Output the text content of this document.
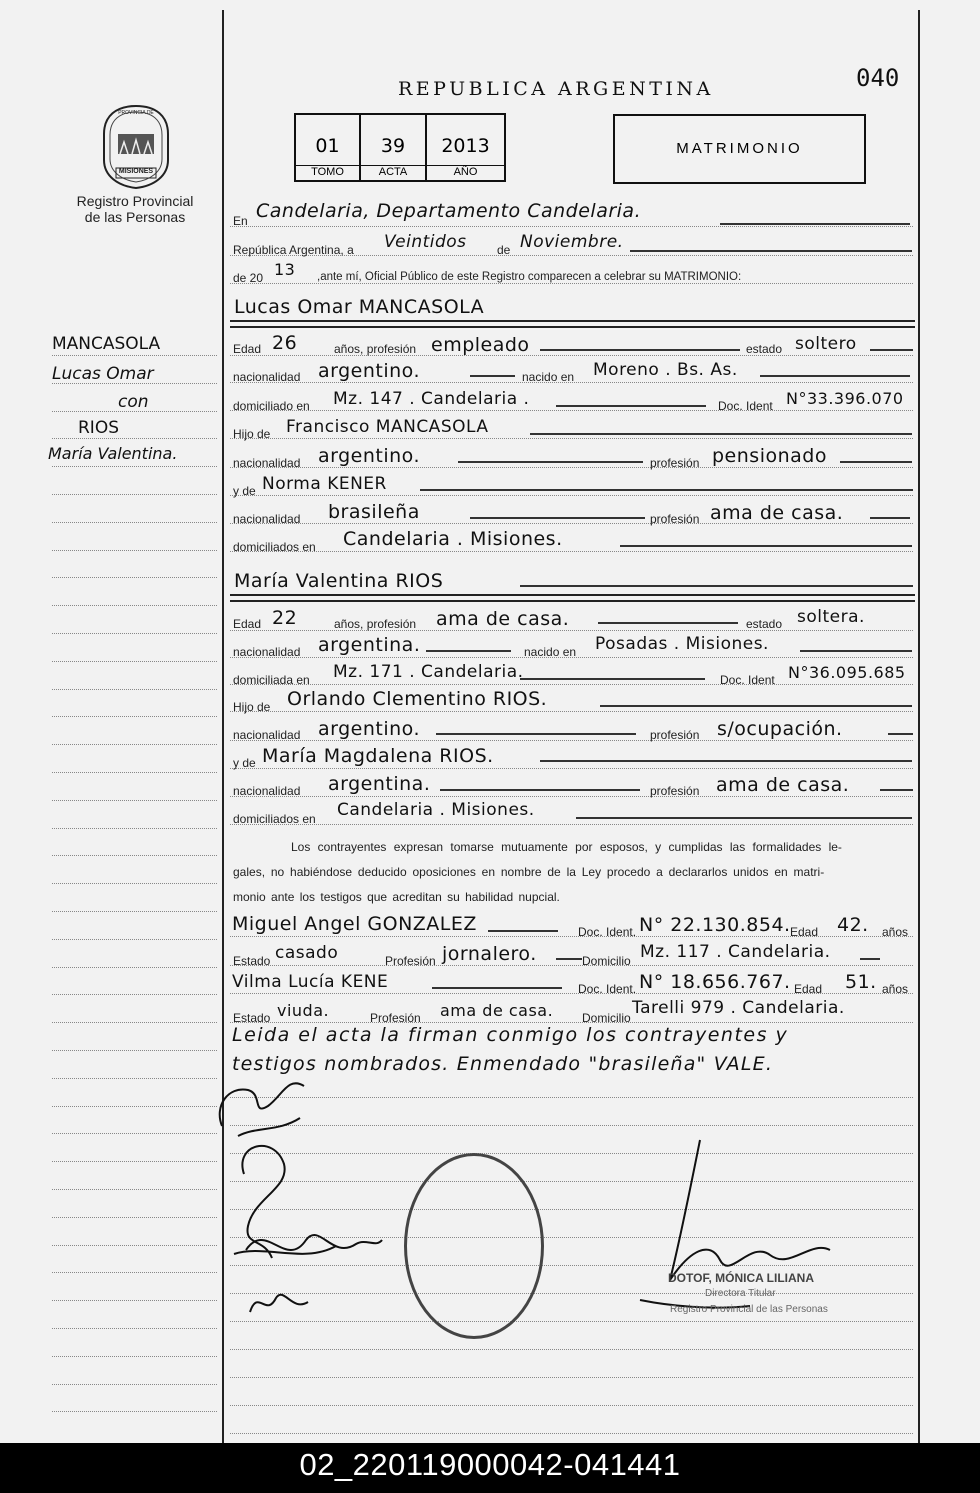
REPUBLICA ARGENTINA	040
PROVINCIA DE
MISIONES
Registro Provincial
de las Personas
01
TOMO
39
ACTA
2013
AÑO
MATRIMONIO
MANCASOLA
Lucas Omar
con
RIOS
María Valentina.
En Candelaria, Departamento Candelaria.
República Argentina, a Veintidos	de Noviembre.
de 20 13 ,ante mí, Oficial Público de este Registro comparecen a celebrar su MATRIMONIO:
Lucas Omar MANCASOLA
Edad 26	años, profesión empleado	estado soltero
nacionalidad argentino.	nacido en Moreno . Bs. As.
domiciliado en Mz. 147 . Candelaria .	Doc. Ident N°33.396.070
Hijo de Francisco MANCASOLA
nacionalidad argentino.	profesión pensionado
y de Norma KENER
nacionalidad brasileña	profesión ama de casa.
domiciliados en Candelaria . Misiones.
María Valentina RIOS
Edad 22	años, profesión ama de casa.	estado soltera.
nacionalidad argentina.	nacido en Posadas . Misiones.
domiciliada en Mz. 171 . Candelaria.	Doc. Ident N°36.095.685
Hijo de Orlando Clementino RIOS.
nacionalidad argentino.	profesión s/ocupación.
y de María Magdalena RIOS.
nacionalidad argentina.	profesión ama de casa.
domiciliados en Candelaria . Misiones.
Los contrayentes expresan tomarse mutuamente por esposos, y cumplidas las formalidades le-
gales, no habiéndose deducido oposiciones en nombre de la Ley procedo a declararlos unidos en matri-
monio ante los testigos que acreditan su habilidad nupcial.
Miguel Angel GONZALEZ	Doc. Ident. N° 22.130.854. Edad 42. años
Estado casado	Profesión jornalero.	Domicilio Mz. 117 . Candelaria.
Vilma Lucía KENE	Doc. Ident. N° 18.656.767. Edad 51. años
Estado viuda.	Profesión ama de casa. Domicilio Tarelli 979 . Candelaria.
Leida el acta la firman conmigo los contrayentes y
testigos nombrados. Enmendado "brasileña" VALE.
DOTOF, MÓNICA LILIANA
Directora Titular
Registro Provincial de las Personas
02_220119000042-041441
